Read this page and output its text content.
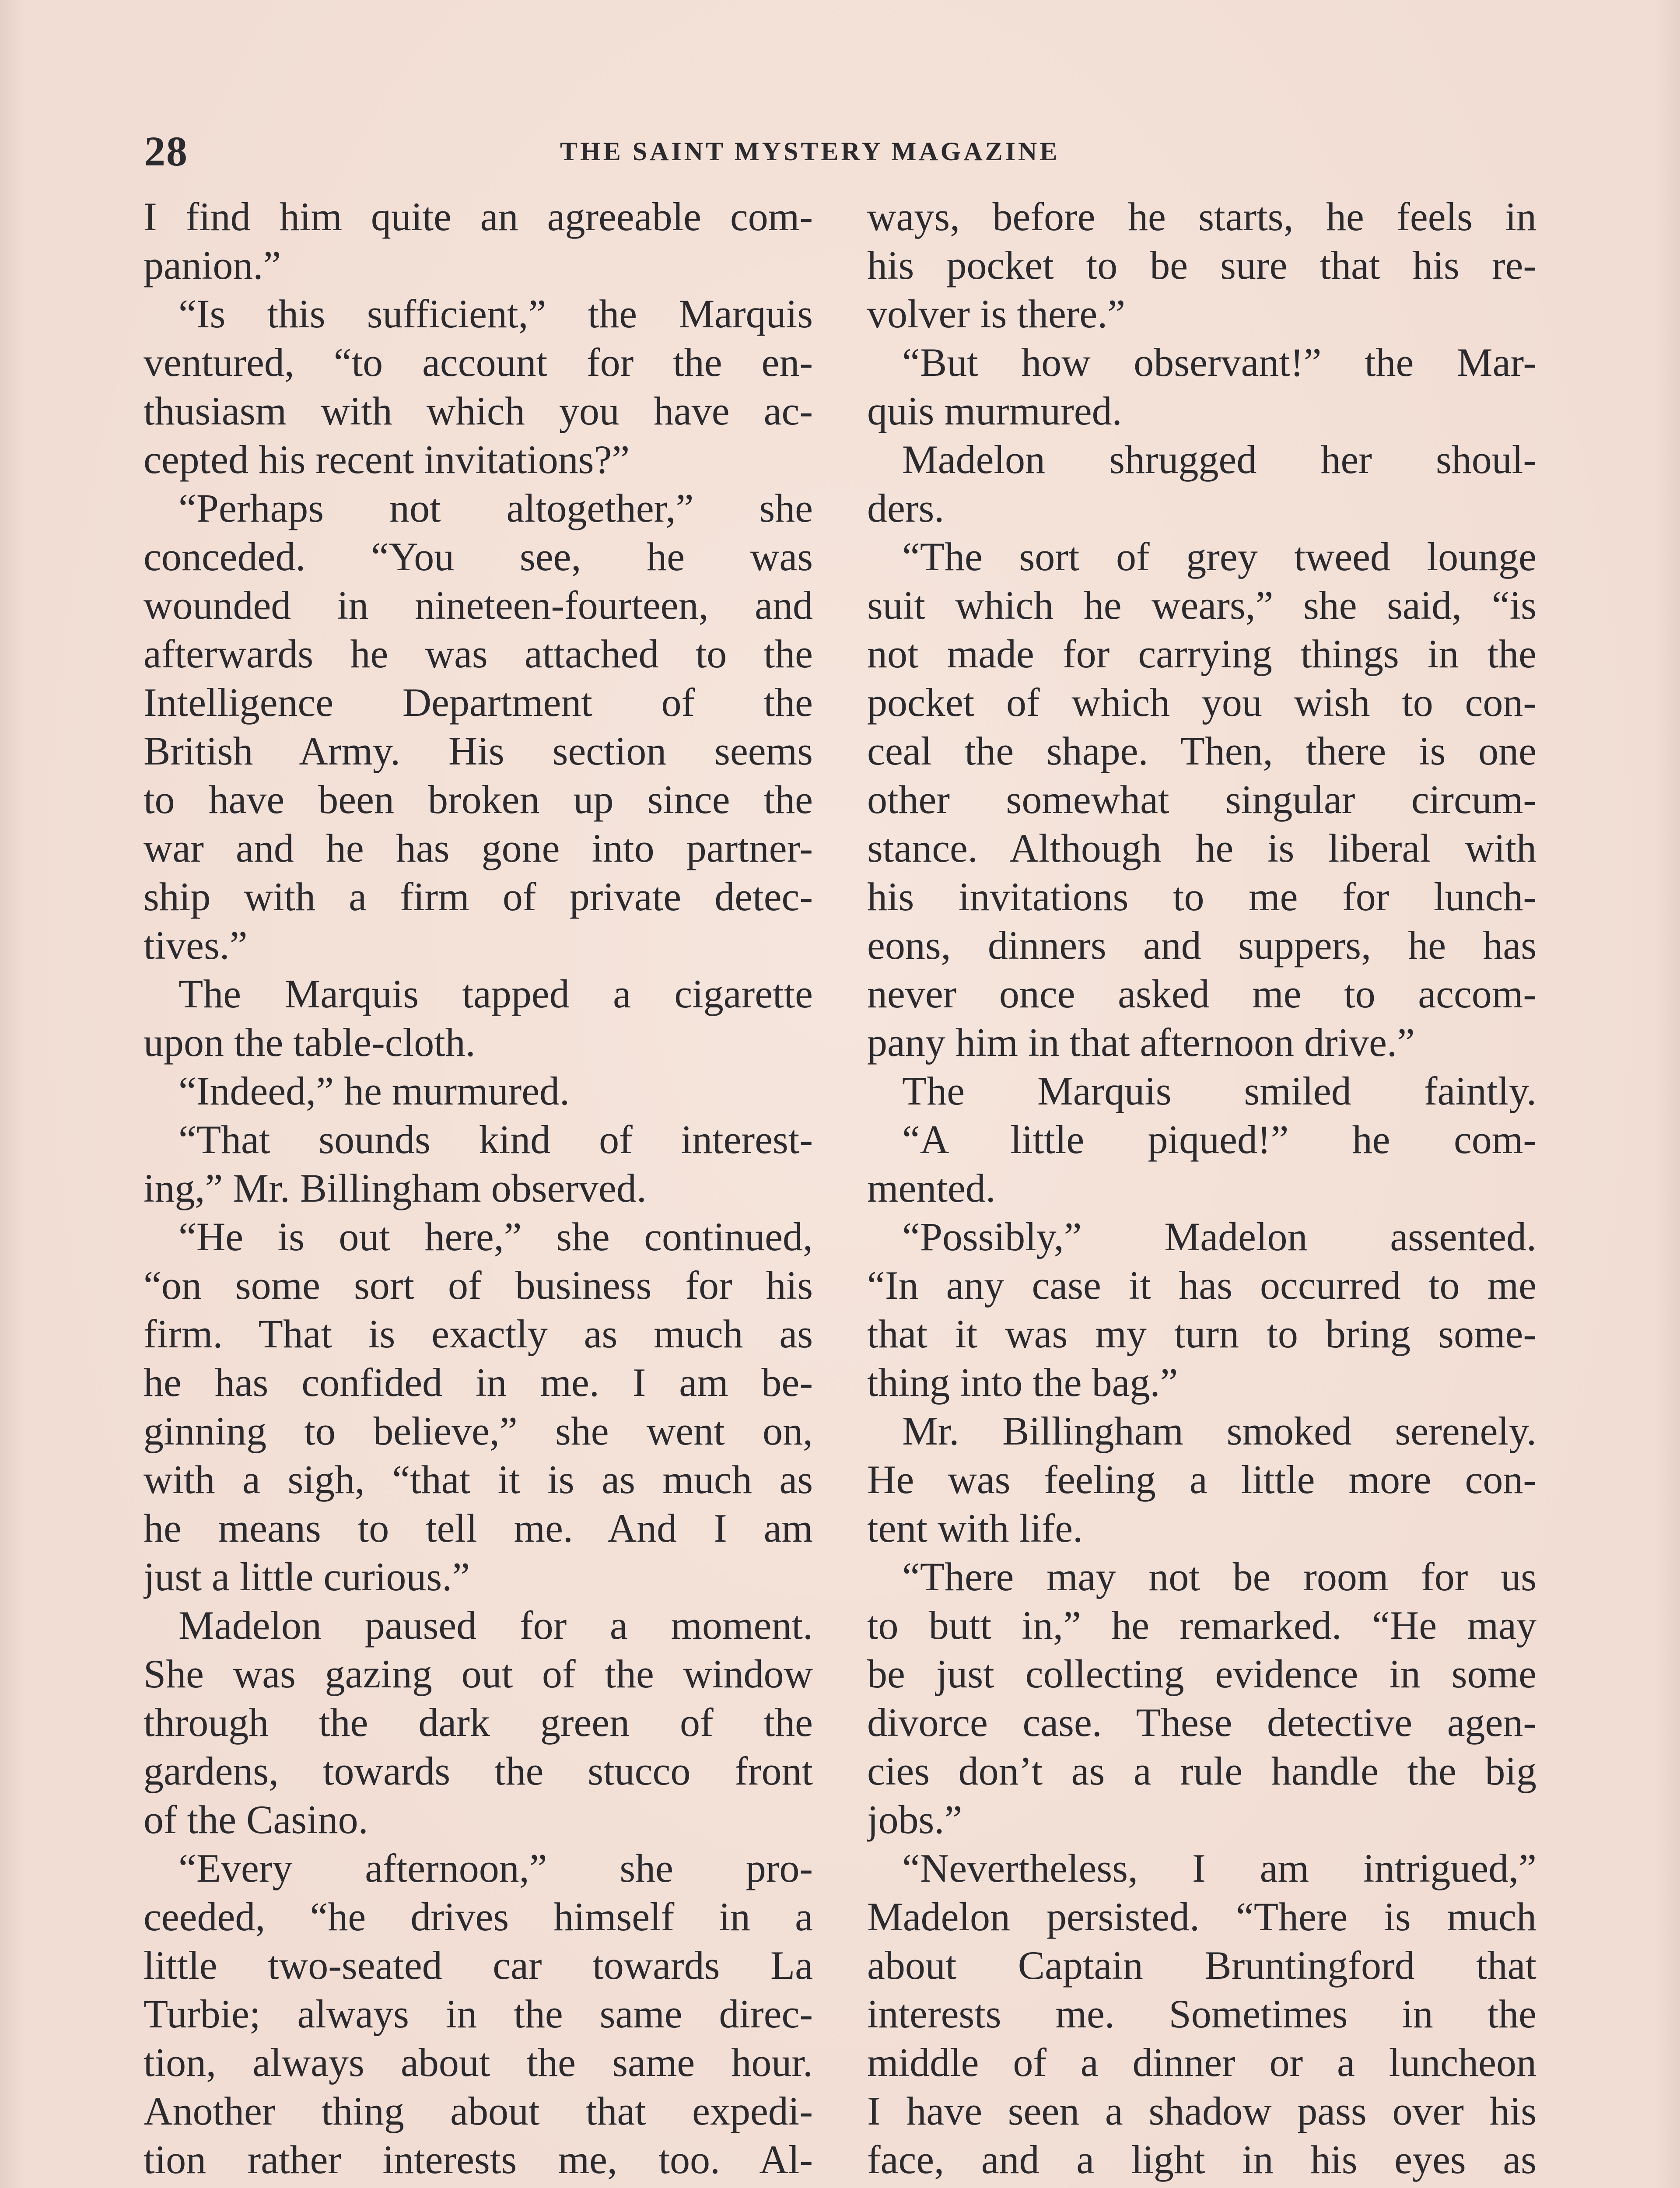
28	THE SAINT MYSTERY MAGAZINE
I find him quite an agreeable com-
panion.”
“Is this sufficient,” the Marquis
ventured, “to account for the en-
thusiasm with which you have ac-
cepted his recent invitations?”
“Perhaps not altogether,” she
conceded. “You see, he was
wounded in nineteen-fourteen, and
afterwards he was attached to the
Intelligence Department of the
British Army. His section seems
to have been broken up since the
war and he has gone into partner-
ship with a firm of private detec-
tives.”
The Marquis tapped a cigarette
upon the table-cloth.
“Indeed,” he murmured.
“That sounds kind of interest-
ing,” Mr. Billingham observed.
“He is out here,” she continued,
“on some sort of business for his
firm. That is exactly as much as
he has confided in me. I am be-
ginning to believe,” she went on,
with a sigh, “that it is as much as
he means to tell me. And I am
just a little curious.”
Madelon paused for a moment.
She was gazing out of the window
through the dark green of the
gardens, towards the stucco front
of the Casino.
“Every afternoon,” she pro-
ceeded, “he drives himself in a
little two-seated car towards La
Turbie; always in the same direc-
tion, always about the same hour.
Another thing about that expedi-
tion rather interests me, too. Al-
ways, before he starts, he feels in
his pocket to be sure that his re-
volver is there.”
“But how observant!” the Mar-
quis murmured.
Madelon shrugged her shoul-
ders.
“The sort of grey tweed lounge
suit which he wears,” she said, “is
not made for carrying things in the
pocket of which you wish to con-
ceal the shape. Then, there is one
other somewhat singular circum-
stance. Although he is liberal with
his invitations to me for lunch-
eons, dinners and suppers, he has
never once asked me to accom-
pany him in that afternoon drive.”
The Marquis smiled faintly.
“A little piqued!” he com-
mented.
“Possibly,” Madelon assented.
“In any case it has occurred to me
that it was my turn to bring some-
thing into the bag.”
Mr. Billingham smoked serenely.
He was feeling a little more con-
tent with life.
“There may not be room for us
to butt in,” he remarked. “He may
be just collecting evidence in some
divorce case. These detective agen-
cies don’t as a rule handle the big
jobs.”
“Nevertheless, I am intrigued,”
Madelon persisted. “There is much
about Captain Bruntingford that
interests me. Sometimes in the
middle of a dinner or a luncheon
I have seen a shadow pass over his
face, and a light in his eyes as
